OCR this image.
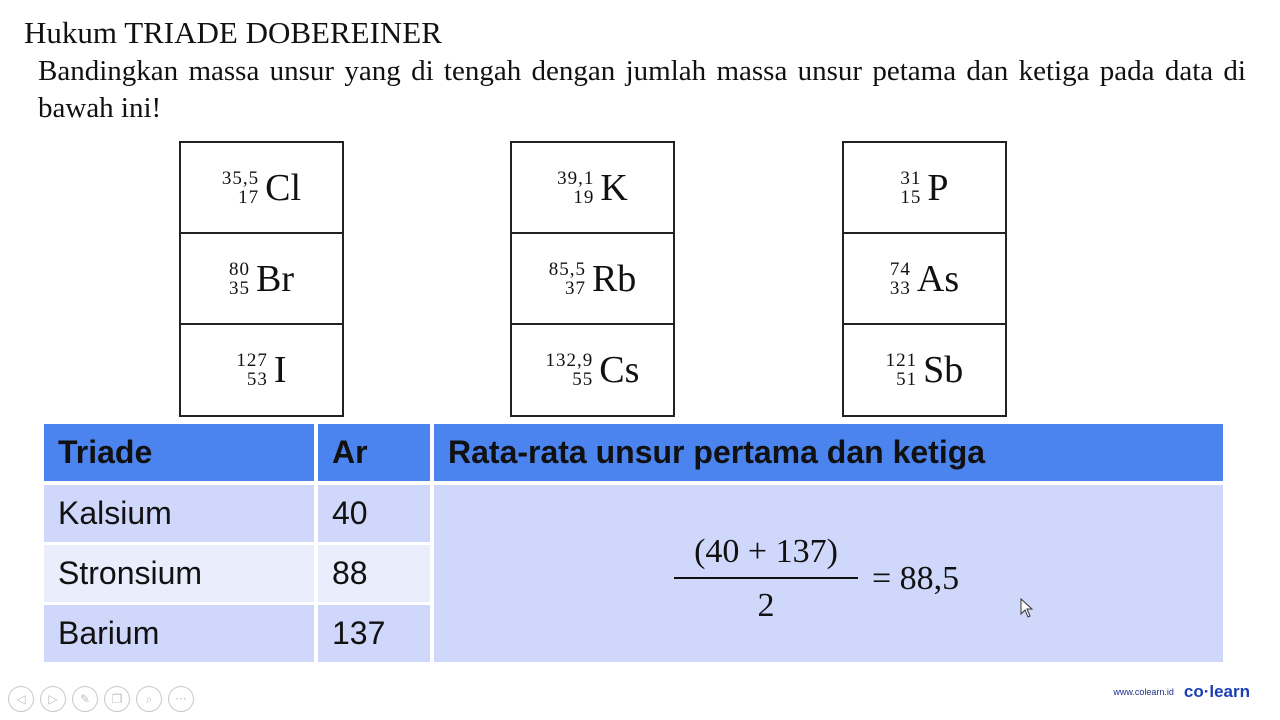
Hukum TRIADE DOBEREINER
Bandingkan massa unsur yang di tengah dengan jumlah massa unsur petama dan ketiga pada data di bawah ini!
35,5
17 Cl
80
35 Br
127
53 I
39,1
19 K
85,5
37 Rb
132,9
55 Cs
31
15 P
74
33 As
121
51 Sb
Triade	Ar	Rata-rata unsur pertama dan ketiga
Kalsium	40
Stronsium	88
Barium	137
$\frac{(40 + 137)}{2} = 88,5$
◁	▷	✎	❐	⌕	···	www.colearn.id co·learn
